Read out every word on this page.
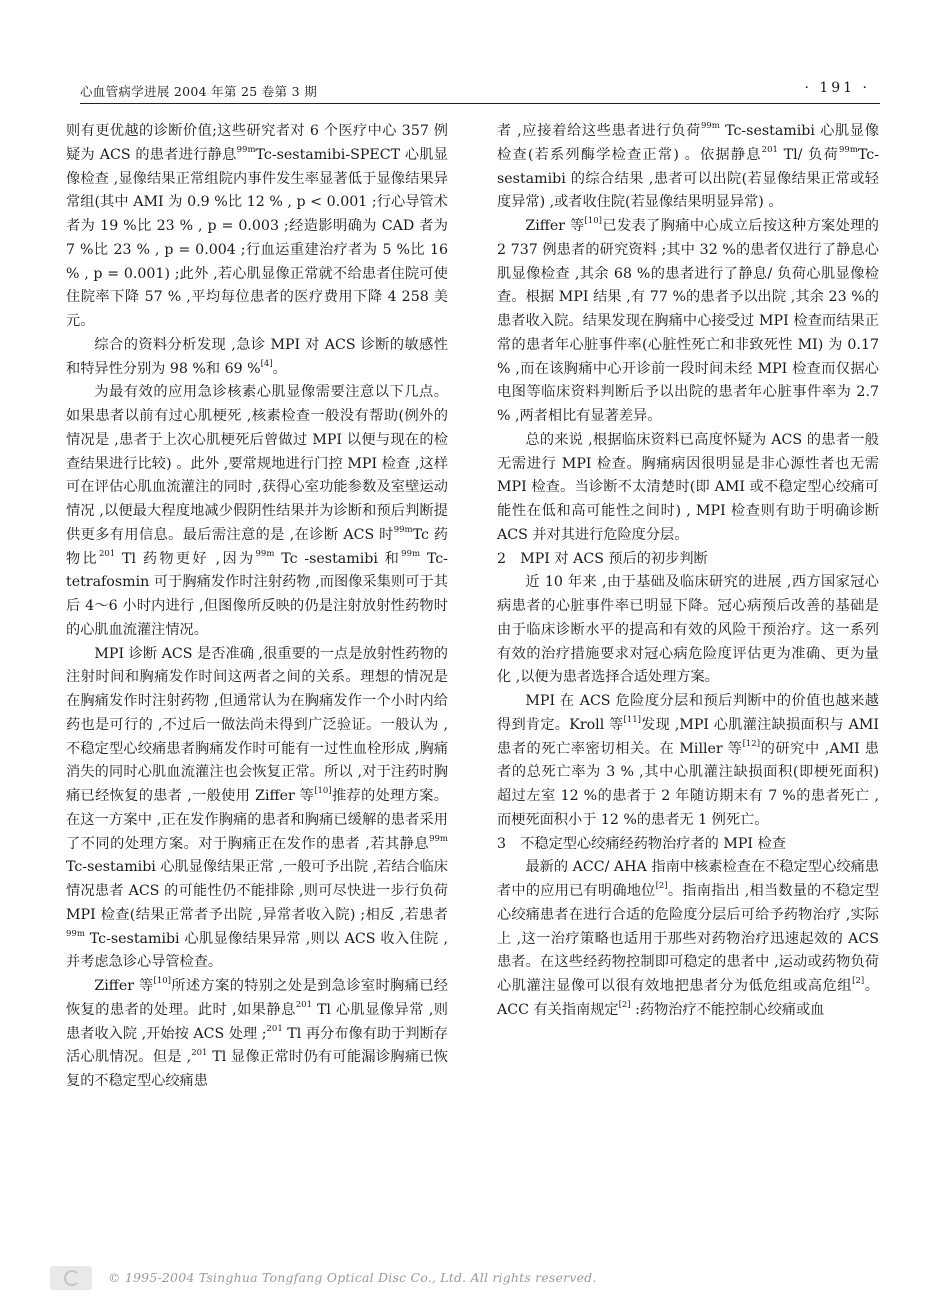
心血管病学进展 2004 年第 25 卷第 3 期	· 191 ·

则有更优越的诊断价值;这些研究者对 6 个医疗中心 357 例疑为 ACS 的患者进行静息$^{99m}$Tc-sestamibi-SPECT 心肌显像检查 ,显像结果正常组院内事件发生率显著低于显像结果异常组(其中 AMI 为 0.9 %比 12 % , p < 0.001 ;行心导管术者为 19 %比 23 % , p = 0.003 ;经造影明确为 CAD 者为 7 %比 23 % , p = 0.004 ;行血运重建治疗者为 5 %比 16 % , p = 0.001) ;此外 ,若心肌显像正常就不给患者住院可使住院率下降 57 % ,平均每位患者的医疗费用下降 4 258 美元。

综合的资料分析发现 ,急诊 MPI 对 ACS 诊断的敏感性和特异性分别为 98 %和 69 %[4]。

为最有效的应用急诊核素心肌显像需要注意以下几点。如果患者以前有过心肌梗死 ,核素检查一般没有帮助(例外的情况是 ,患者于上次心肌梗死后曾做过 MPI 以便与现在的检查结果进行比较) 。此外 ,要常规地进行门控 MPI 检查 ,这样可在评估心肌血流灌注的同时 ,获得心室功能参数及室壁运动情况 ,以便最大程度地减少假阴性结果并为诊断和预后判断提供更多有用信息。最后需注意的是 ,在诊断 ACS 时$^{99m}$Tc 药物比$^{201}$ Tl 药物更好 ,因为$^{99m}$ Tc -sestamibi 和$^{99m}$ Tc-tetrafosmin 可于胸痛发作时注射药物 ,而图像采集则可于其后 4～6 小时内进行 ,但图像所反映的仍是注射放射性药物时的心肌血流灌注情况。

MPI 诊断 ACS 是否准确 ,很重要的一点是放射性药物的注射时间和胸痛发作时间这两者之间的关系。理想的情况是在胸痛发作时注射药物 ,但通常认为在胸痛发作一个小时内给药也是可行的 ,不过后一做法尚未得到广泛验证。一般认为 ,不稳定型心绞痛患者胸痛发作时可能有一过性血栓形成 ,胸痛消失的同时心肌血流灌注也会恢复正常。所以 ,对于注药时胸痛已经恢复的患者 ,一般使用 Ziffer 等[10]推荐的处理方案。在这一方案中 ,正在发作胸痛的患者和胸痛已缓解的患者采用了不同的处理方案。对于胸痛正在发作的患者 ,若其静息$^{99m}$ Tc-sestamibi 心肌显像结果正常 ,一般可予出院 ,若结合临床情况患者 ACS 的可能性仍不能排除 ,则可尽快进一步行负荷 MPI 检查(结果正常者予出院 ,异常者收入院) ;相反 ,若患者$^{99m}$ Tc-sestamibi 心肌显像结果异常 ,则以 ACS 收入住院 ,并考虑急诊心导管检查。

Ziffer 等[10]所述方案的特别之处是到急诊室时胸痛已经恢复的患者的处理。此时 ,如果静息$^{201}$ Tl 心肌显像异常 ,则患者收入院 ,开始按 ACS 处理 ;$^{201}$ Tl 再分布像有助于判断存活心肌情况。但是 ,$^{201}$ Tl 显像正常时仍有可能漏诊胸痛已恢复的不稳定型心绞痛患

者 ,应接着给这些患者进行负荷$^{99m}$ Tc-sestamibi 心肌显像检查(若系列酶学检查正常) 。依据静息$^{201}$ Tl/ 负荷$^{99m}$Tc-sestamibi 的综合结果 ,患者可以出院(若显像结果正常或轻度异常) ,或者收住院(若显像结果明显异常) 。

Ziffer 等[10]已发表了胸痛中心成立后按这种方案处理的 2 737 例患者的研究资料 ;其中 32 %的患者仅进行了静息心肌显像检查 ,其余 68 %的患者进行了静息/ 负荷心肌显像检查。根据 MPI 结果 ,有 77 %的患者予以出院 ,其余 23 %的患者收入院。结果发现在胸痛中心接受过 MPI 检查而结果正常的患者年心脏事件率(心脏性死亡和非致死性 MI) 为 0.17 % ,而在该胸痛中心开诊前一段时间未经 MPI 检查而仅据心电图等临床资料判断后予以出院的患者年心脏事件率为 2.7 % ,两者相比有显著差异。

总的来说 ,根据临床资料已高度怀疑为 ACS 的患者一般无需进行 MPI 检查。胸痛病因很明显是非心源性者也无需 MPI 检查。当诊断不太清楚时(即 AMI 或不稳定型心绞痛可能性在低和高可能性之间时) , MPI 检查则有助于明确诊断 ACS 并对其进行危险度分层。

2　MPI 对 ACS 预后的初步判断

近 10 年来 ,由于基础及临床研究的进展 ,西方国家冠心病患者的心脏事件率已明显下降。冠心病预后改善的基础是由于临床诊断水平的提高和有效的风险干预治疗。这一系列有效的治疗措施要求对冠心病危险度评估更为准确、更为量化 ,以便为患者选择合适处理方案。

MPI 在 ACS 危险度分层和预后判断中的价值也越来越得到肯定。Kroll 等[11]发现 ,MPI 心肌灌注缺损面积与 AMI 患者的死亡率密切相关。在 Miller 等[12]的研究中 ,AMI 患者的总死亡率为 3 % ,其中心肌灌注缺损面积(即梗死面积) 超过左室 12 %的患者于 2 年随访期末有 7 %的患者死亡 ,而梗死面积小于 12 %的患者无 1 例死亡。

3　不稳定型心绞痛经药物治疗者的 MPI 检查

最新的 ACC/ AHA 指南中核素检查在不稳定型心绞痛患者中的应用已有明确地位[2]。指南指出 ,相当数量的不稳定型心绞痛患者在进行合适的危险度分层后可给予药物治疗 ,实际上 ,这一治疗策略也适用于那些对药物治疗迅速起效的 ACS 患者。在这些经药物控制即可稳定的患者中 ,运动或药物负荷心肌灌注显像可以很有效地把患者分为低危组或高危组[2]。ACC 有关指南规定[2] :药物治疗不能控制心绞痛或血

© 1995-2004 Tsinghua Tongfang Optical Disc Co., Ltd. All rights reserved.
